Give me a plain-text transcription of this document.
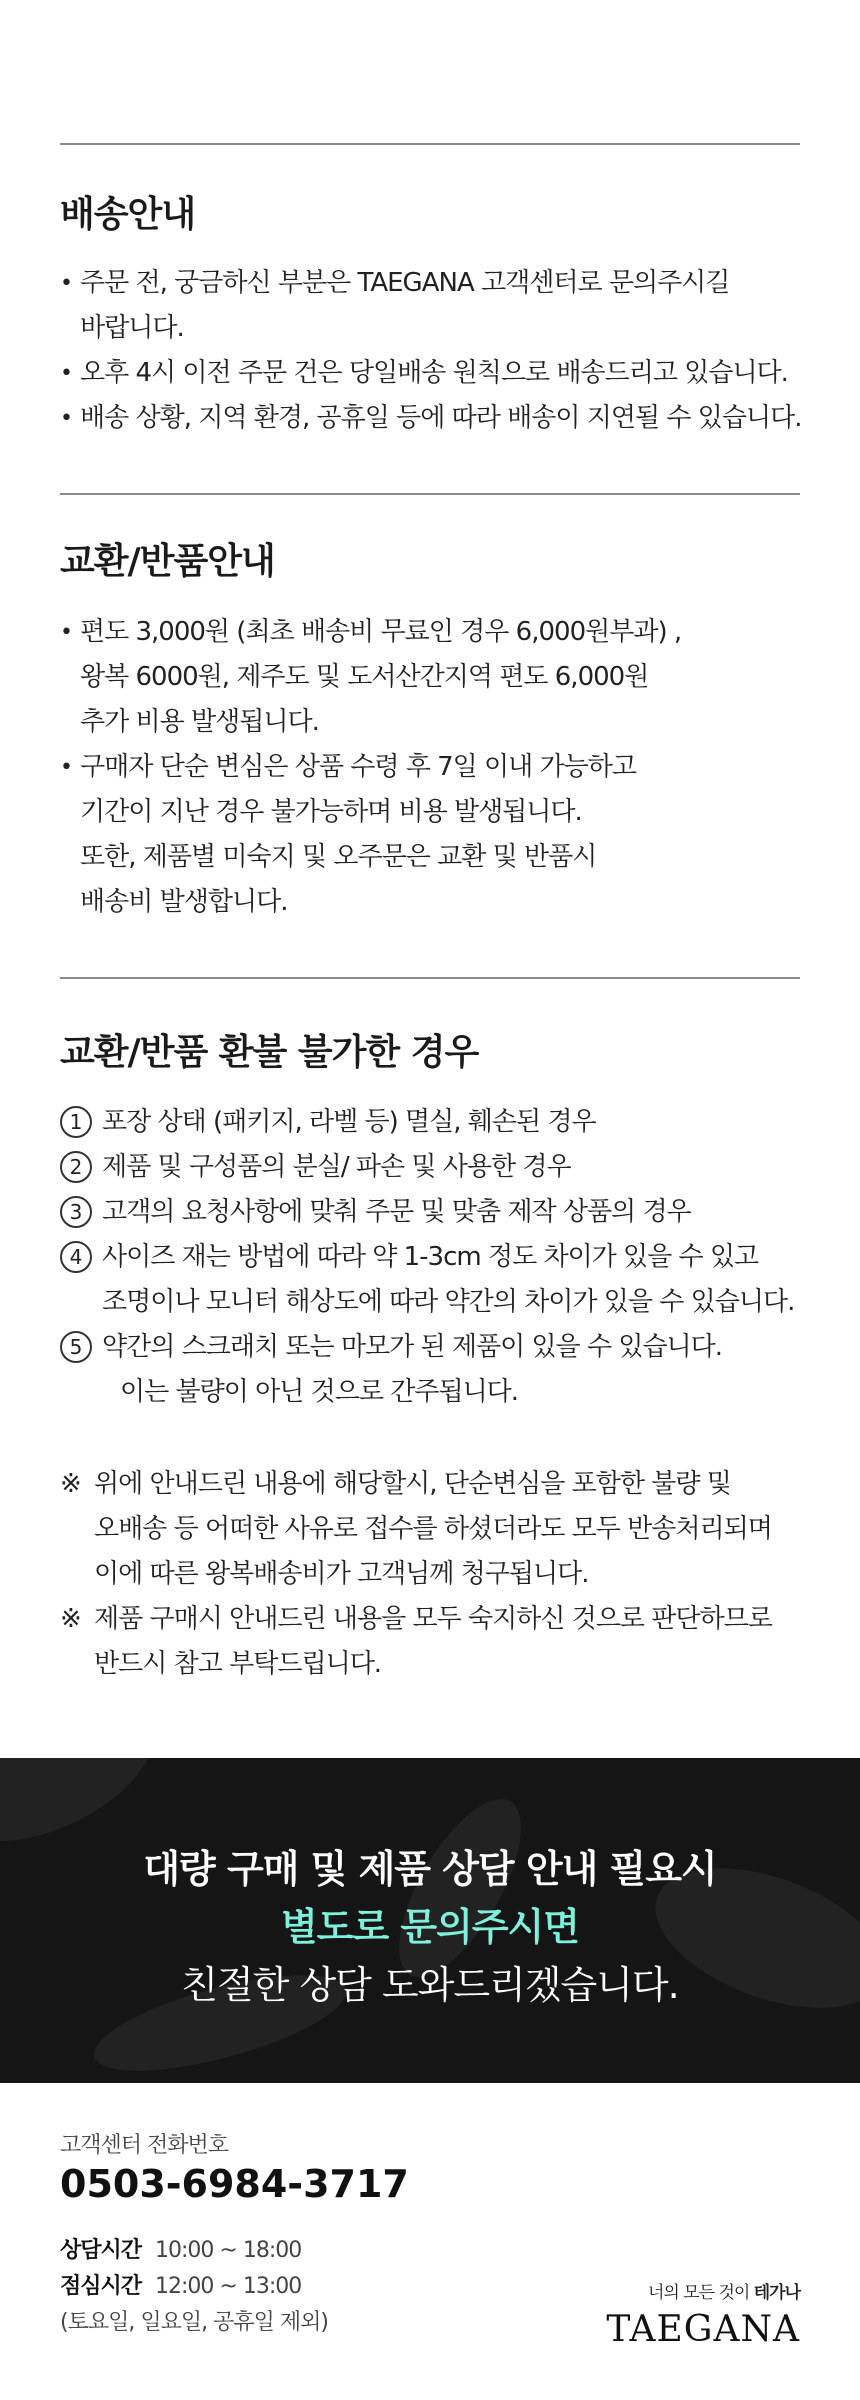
배송안내
• 주문 전, 궁금하신 부분은 TAEGANA 고객센터로 문의주시길
바랍니다.
• 오후 4시 이전 주문 건은 당일배송 원칙으로 배송드리고 있습니다.
• 배송 상황, 지역 환경, 공휴일 등에 따라 배송이 지연될 수 있습니다.
교환/반품안내
• 편도 3,000원 (최초 배송비 무료인 경우 6,000원부과) ,
왕복 6000원, 제주도 및 도서산간지역 편도 6,000원
추가 비용 발생됩니다.
• 구매자 단순 변심은 상품 수령 후 7일 이내 가능하고
기간이 지난 경우 불가능하며 비용 발생됩니다.
또한, 제품별 미숙지 및 오주문은 교환 및 반품시
배송비 발생합니다.
교환/반품 환불 불가한 경우
1 포장 상태 (패키지, 라벨 등) 멸실, 훼손된 경우
2 제품 및 구성품의 분실/ 파손 및 사용한 경우
3 고객의 요청사항에 맞춰 주문 및 맞춤 제작 상품의 경우
4 사이즈 재는 방법에 따라 약 1-3cm 정도 차이가 있을 수 있고
조명이나 모니터 해상도에 따라 약간의 차이가 있을 수 있습니다.
5 약간의 스크래치 또는 마모가 된 제품이 있을 수 있습니다.
이는 불량이 아닌 것으로 간주됩니다.
※ 위에 안내드린 내용에 해당할시, 단순변심을 포함한 불량 및
오배송 등 어떠한 사유로 접수를 하셨더라도 모두 반송처리되며
이에 따른 왕복배송비가 고객님께 청구됩니다.
※ 제품 구매시 안내드린 내용을 모두 숙지하신 것으로 판단하므로
반드시 참고 부탁드립니다.
대량 구매 및 제품 상담 안내 필요시
별도로 문의주시면
친절한 상담 도와드리겠습니다.
고객센터 전화번호
0503-6984-3717
상담시간 10:00 ~ 18:00
점심시간 12:00 ~ 13:00
(토요일, 일요일, 공휴일 제외)
너의 모든 것이 테가나
TAEGANA
